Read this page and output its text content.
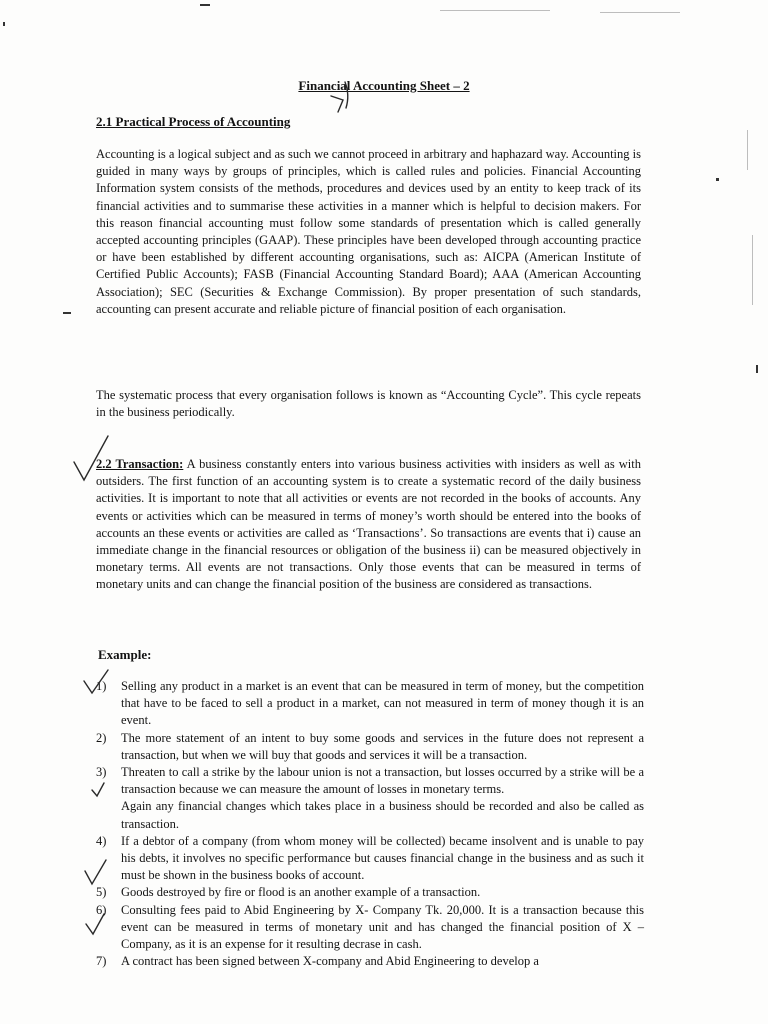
Financial Accounting Sheet – 2
2.1 Practical Process of Accounting

Accounting is a logical subject and as such we cannot proceed in arbitrary and haphazard way. Accounting is guided in many ways by groups of principles, which is called rules and policies. Financial Accounting Information system consists of the methods, procedures and devices used by an entity to keep track of its financial activities and to summarise these activities in a manner which is helpful to decision makers. For this reason financial accounting must follow some standards of presentation which is called generally accepted accounting principles (GAAP). These principles have been developed through accounting practice or have been established by different accounting organisations, such as: AICPA (American Institute of Certified Public Accounts); FASB (Financial Accounting Standard Board); AAA (American Accounting Association); SEC (Securities & Exchange Commission). By proper presentation of such standards, accounting can present accurate and reliable picture of financial position of each organisation.

The systematic process that every organisation follows is known as “Accounting Cycle”. This cycle repeats in the business periodically.

2.2 Transaction: A business constantly enters into various business activities with insiders as well as with outsiders. The first function of an accounting system is to create a systematic record of the daily business activities. It is important to note that all activities or events are not recorded in the books of accounts. Any events or activities which can be measured in terms of money’s worth should be entered into the books of accounts an these events or activities are called as ‘Transactions’. So transactions are events that i) cause an immediate change in the financial resources or obligation of the business ii) can be measured objectively in monetary terms. All events are not transactions. Only those events that can be measured in terms of monetary units and can change the financial position of the business are considered as transactions.

Example:
1) Selling any product in a market is an event that can be measured in term of money, but the competition that have to be faced to sell a product in a market, can not measured in term of money though it is an event.
2) The more statement of an intent to buy some goods and services in the future does not represent a transaction, but when we will buy that goods and services it will be a transaction.
3) Threaten to call a strike by the labour union is not a transaction, but losses occurred by a strike will be a transaction because we can measure the amount of losses in monetary terms.
Again any financial changes which takes place in a business should be recorded and also be called as transaction.
4) If a debtor of a company (from whom money will be collected) became insolvent and is unable to pay his debts, it involves no specific performance but causes financial change in the business and as such it must be shown in the business books of account.
5) Goods destroyed by fire or flood is an another example of a transaction.
6) Consulting fees paid to Abid Engineering by X- Company Tk. 20,000. It is a transaction because this event can be measured in terms of monetary unit and has changed the financial position of X – Company, as it is an expense for it resulting decrase in cash.
7) A contract has been signed between X-company and Abid Engineering to develop a
